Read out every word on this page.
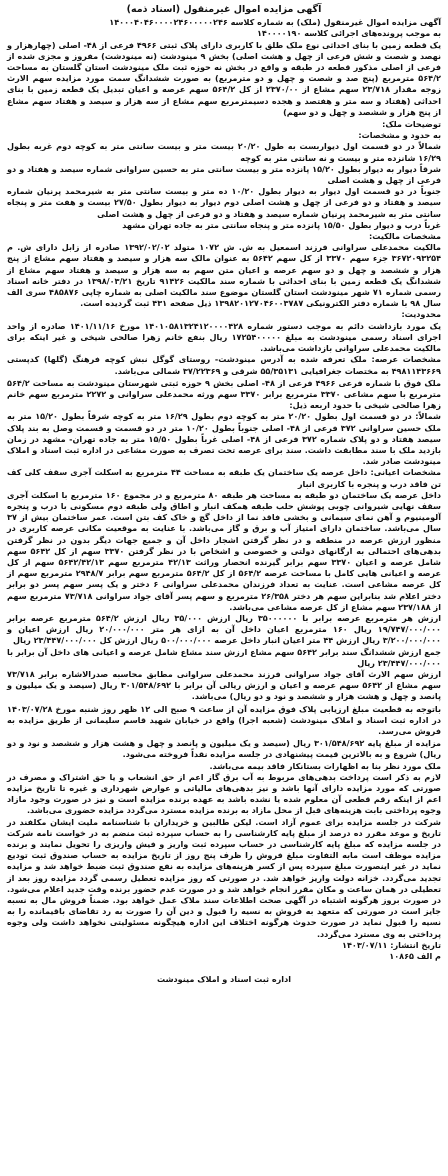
آگهی مزایده اموال غیرمنقول (اسناد ذمه)

آگهی مزایده اموال غیرمنقول (ملک) به شماره کلاسه ۱۴۰۰۰۴۰۴۶۰۰۰۰۲۴۶۰۰۰۰۰۲۴۶

به موجب پرونده‌های اجرائی کلاسه ۱۴۰۰۰۰۱۹۰

یک قطعه زمین با بنای احداثی نوع ملک طلق با کاربری دارای پلاک ثبتی ۴۹۶۶ فرعی از ۴۸- اصلی (چهارهزار و نهصد و شصت و شش فرعی از چهل و هشت اصلی) بخش ۹ مینودشت (نه مینودشت) مفروز و مجزی شده از فرعی از اصلی مذکور قطعه در طبقه و واقع در بخش نه حوزه ثبت ملک مینودشت استان گلستان به مساحت ۵۶۴/۲ مترمربع (پنج صد و شصت و چهل و دو مترمربع) به صورت ششدانگ سمت مورد مزایده سهم الارث زوجه مقدار ۲۳/۷۱۸ سهم مشاع از ۲۳۷۰/۰۰ از کل ۵۶۴/۲ سهم عرصه و اعیان تبدیل یک قطعه زمین با بنای احداثی (هفتاد و سه متر و هفتصد و هجده دسیمترمربع سهم مشاع از سه هزار و سیصد و هفتاد سهم مشاع از پنج هزار و ششصد و چهل و دو سهم)

توضیحات ملک:

به حدود و مشخصات:

شمالاً در دو قسمت اول دیواربست به طول ۲۰/۲۰ بیست متر و بیست سانتی متر به کوچه دوم غربه بطول ۱۶/۲۹ شانزده متر و بیست و نه سانتی متر به کوچه

شرقاً دیوار به دیوار بطول ۱۵/۲۰ پانزده متر و بیست سانتی متر به حسین سراوانی شماره سیصد و هفتاد و دو فرعی از چهل و هشت اصلی

جنوباً در دو قسمت اول دیوار به دیوار بطول ۱۰/۲۰ ده متر و بیست سانتی متر به شیرمحمد پرنیان شماره سیصد و هفتاد و دو فرعی از چهل و هشت اصلی دوم دیوار به دیوار بطول ۲۷/۵۰ بیست و هفت متر و پنجاه سانتی متر به شیرمحمد پرنیان شماره سیصد و هفتاد و دو فرعی از چهل و هشت اصلی

غرباً درب و دیوار بطول ۱۵/۵۰ پانزده متر و پنجاه سانتی متر به جاده تهران مشهد

مشخصات مالکیت:

مالکیت محمدعلی سراوانی فرزند اسمعیل به ش. ش ۱۰۷۲ متولد ۱۳۹۲/۰۲/۰۲ صادره از زابل دارای ش. م ۳۶۷۲۰۹۳۲۵۴ جزء سهم ۳۳۷۰ از کل سهم ۵۶۴۲ به عنوان مالک سه هزار و سیصد و هفتاد سهم مشاع از پنج هزار و ششصد و چهل و دو سهم عرصه و اعیان متن سهم به سه هزار و سیصد و هفتاد سهم مشاع از ششدانگ یک قطعه زمین با بنای احداثی با شماره سند مالکیت ۹۱۴۲۶ تاریخ ۱۳۹۸/۰۳/۲۱ در دفتر خانه اسناد رسمی شماره ۷۱ شهر مینودشت استان گلستان موضوع سند مالکیت اصلی به شماره چاپی ۴۸۵۸۷۶ سری الف سال ۹۸ با شماره دفتر الکترونیکی ۱۳۹۸۲۰۱۲۷۰۴۶۰۰۳۷۸۷ ذیل صفحه ۴۳۱ ثبت گردیده است.

محدودیت:

یک مورد بازداشت دائم به موجب دستور شماره ۱۴۰۱۰۵۸۱۳۲۴۱۲۰۰۰۰۴۲۸ مورخ ۱۴۰۱/۱۱/۱۶ صادره از واحد اجرای اسناد رسمی مینودشت به مبلغ ۱۷۲۵۴۰۰۰۰۰ ریال بنفع خانم زهرا صالحی شیخی و غیر اینکه برای مالکیت محمدعلی سراوانی بازداشت می‌باشد.

مشخصات عرصه: ملک تعرفه شده به آدرس مینودشت- روستای گوگل نبش کوچه فرهنگ (گلها) کدپستی ۴۹۸۱۱۴۳۶۶۹ به مختصات جغرافیایی ۵۵/۳۵۱۳۱ شرقی و ۳۷/۲۲۳۶۹ شمالی می‌باشد.

ملک فوق با شماره فرعی ۴۹۶۶ فرعی از ۴۸- اصلی بخش ۹ حوزه ثبتی شهرستان مینودشت به مساحت ۵۶۴/۲ مترمربع با سهم مشاعی ۳۳۷۰ مترمربع برابر ۳۳۷۰ سهم ورثه محمدعلی سراوانی و ۲۲۷۲ مترمربع سهم خانم زهرا صالحی شیخی با حدود اربعه ذیل:

شمالاً: در دو قسمت اول بطول ۲۰/۲۰ متر به کوچه دوم بطول ۱۶/۲۹ متر به کوچه شرقاً بطول ۱۵/۲۰ متر به ملک حسین سراوانی ۳۷۲ فرعی از ۴۸- اصلی جنوباً بطول ۱۰/۲۰ متر در دو قسمت و قسمت وصل به بند پلاک سیصد هفتاد و دو پلاک شماره ۳۷۲ فرعی از ۴۸- اصلی غرباً بطول ۱۵/۵۰ متر به جاده تهران- مشهد در زمان بازدید ملک با سند مطابقت داشت. سند برای عرصه تحت تصرف به صورت مشاعی در اداره ثبت اسناد و املاک مینودشت صادر شد.

مشخصات اعیانی: داخل عرصه یک ساختمان یک طبقه به مساحت ۴۴ مترمربع به اسکلت آجری سقف کلی کف تن فاقد درب و پنجره با کاربری انبار

داخل عرصه یک ساختمان دو طبقه به مساحت هر طبقه ۸۰ مترمربع و در مجموع ۱۶۰ مترمربع با اسکلت آجری سقف نهایی شیروانی چوبی پوشش حلب طبقه همکف انبار و اطاق ولی طبقه دوم مسکونی با درب و پنجره آلومینیوم و آهن نمای سیمانی و بخشی فاقد نما از داخل گچ و خاک کف بتن است. عمر ساختمان بیش از ۳۷ سال می‌باشد. ساختمان دارای امتیاز آب و برق و گاز می‌باشد. با عنایت به موقعیت مکانی عرصه کاربری در منظور ارزش عرصه در منطقه و در نظر گرفتن اشجار داخل آن و جمیع جهات دیگر بدون در نظر گرفتن بدهی‌های احتمالی به ارگانهای دولتی و خصوصی و اشخاص با در نظر گرفتن ۳۳۷۰ سهم از کل ۵۶۴۲ سهم شامل عرصه و اعیان ۳۳۷۰ سهم برابر گیرنده انحصار وراثت ۴۲/۱۳ مترمربع سهم ۵۶۴۲/۴۲/۱۳ سهم از کل عرصه و اعیانی هایی کامل با مساحت عرصه ۵۶۴/۲ از کل ۵۶۴/۲ مترمربع سهم برابر ۲۹۴۸/۷ مترمربع سهم از کل عرصه مشاعی است. عنایت به تعداد فرزندان محمدعلی سراوانی ۶ دختر و یک پسر سهم پسر دو برابر دختر اعلام شد بنابراین سهم هر دختر ۲۶/۳۵۸ مترمربع و سهم پسر آقای جواد سراوانی ۷۳/۷۱۸ مترمربع سهم از ۲۳۷/۱۸۸ سهم مشاع از کل عرصه مشاعی می‌باشد.

ارزش هر مترمربع عرصه برابر با ۳۵۰۰۰۰۰۰ ریال ارزش ۳۵/۰۰۰ ریال ارزش ۵۶۴/۲ مترمربع عرصه برابر ۱۹/۷۴۷/۰۰۰/۰۰۰ ریال ۱۶۰ مترمربع اعیان داخل آن به ازای هر متر ۲۰/۰۰۰/۰۰۰ ریال ارزش اعیان و ۳/۲۰۰/۰۰۰/۰۰۰ ریال ارزش ۴۴ متر اعیان انبار داخل عرصه ۵۰۰/۰۰۰/۰۰۰ ریال ارزش کل ۲۳/۴۴۷/۰۰۰/۰۰۰ ریال

جمع ارزش ششدانگ سند برابر ۵۶۴۲ سهم مشاع ارزش سند مشاع شامل عرصه و اعیانی های داخل آن برابر با ۲۳/۴۴۷/۰۰۰/۰۰۰ ریال

ارزش سهم الارث آقای جواد سراوانی فرزند محمدعلی سراوانی مطابق محاسبه صدرالاشاره برابر ۷۳/۷۱۸ سهم مشاع از ۵۶۴۲ سهم عرصه و اعیان و ارزش ریالی آن برابر با ۳۰۱/۵۴۸/۶۹۲ ریال (سیصد و یک میلیون و پانصد و چهل و هشت هزار و ششصد و نود و دو ریال) می‌باشد.

باتوجه به قطعیت مبلغ ارزیابی پلاک فوق مزایده آن از ساعت ۹ صبح الی ۱۲ ظهر روز شنبه مورخ ۱۴۰۳/۰۷/۲۸ در اداره ثبت اسناد و املاک مینودشت (شعبه اجرا) واقع در خیابان شهید قاسم سلیمانی از طریق مزایده به فروش می‌رسد.

مزایده از مبلغ پایه ۳۰۱/۵۴۸/۶۹۲ ریال (سیصد و یک میلیون و پانصد و چهل و هشت هزار و ششصد و نود و دو ریال) شروع و به بالاترین قیمت پیشنهادی در جلسه مزایده نقداً فروخته می‌شود.

ملک مورد نظر بنا به اظهارات بستانکار فاقد بیمه می‌باشد.

لازم به ذکر است پرداخت بدهی‌های مربوط به آب برق گاز اعم از حق انشعاب و یا حق اشتراک و مصرف در صورتی که مورد مزایده دارای آنها باشد و نیز بدهی‌های مالیاتی و عوارض شهرداری و غیره تا تاریخ مزایده اعم از اینکه رقم قطعی آن معلوم شده یا نشده باشد به عهده برنده مزایده است و نیز در صورت وجود مازاد وجوه پرداختی بابت هزینه‌های قبل از محل مازاد به برنده مزایده مسترد می‌گردد مزایده حضوری می‌باشد.

شرکت در جلسه مزایده برای عموم آزاد است. لیکن طالبین و خریداران با شناسنامه ملیت ایشان مکلفند در تاریخ و موعد مقرر ده درصد از مبلغ پایه کارشناسی را به حساب سپرده ثبت منضم به در خواست نامه شرکت در جلسه مزایده که مبلغ پایه کارشناسی در حساب سپرده ثبت واریز و فیش واریزی را تحویل نمایند و برنده مزایده موظف است مابه التفاوت مبلغ فروش را ظرف پنج روز از تاریخ مزایده به حساب صندوق ثبت تودیع نماید در غیر اینصورت مبلغ سپرده پس از کسر هزینه‌های مزایده به نفع صندوق ثبت ضبط خواهد شد و مزایده تجدید می‌گردد. خزانه دولت واریز خواهد شد. در صورتی که روز مزایده تعطیل رسمی گردد مزایده روز بعد از تعطیلی در همان ساعت و مکان مقرر انجام خواهد شد و در صورت عدم حضور برنده وقت جدید اعلام می‌شود. در صورت بروز هرگونه اشتباه در آگهی صحت اطلاعات سند ملاک عمل خواهد بود. ضمناً فروش مال به نسبه جایز است در صورتی که متعهد به فروش به نسیه را قبول و دین آن را صورت به رد تقاضای باقیمانده را به نسیه را قبول نماید در صورت حدوث هرگونه اختلاف این اداره هیچگونه مسئولیتی نخواهد داشت ولی وجوه پرداختی به وی مسترد می‌گردد.

تاریخ انتشار: ۱۴۰۳/۰۷/۱۱

م الف ۱۰۸۶۵

اداره ثبت اسناد و املاک مینودشت
